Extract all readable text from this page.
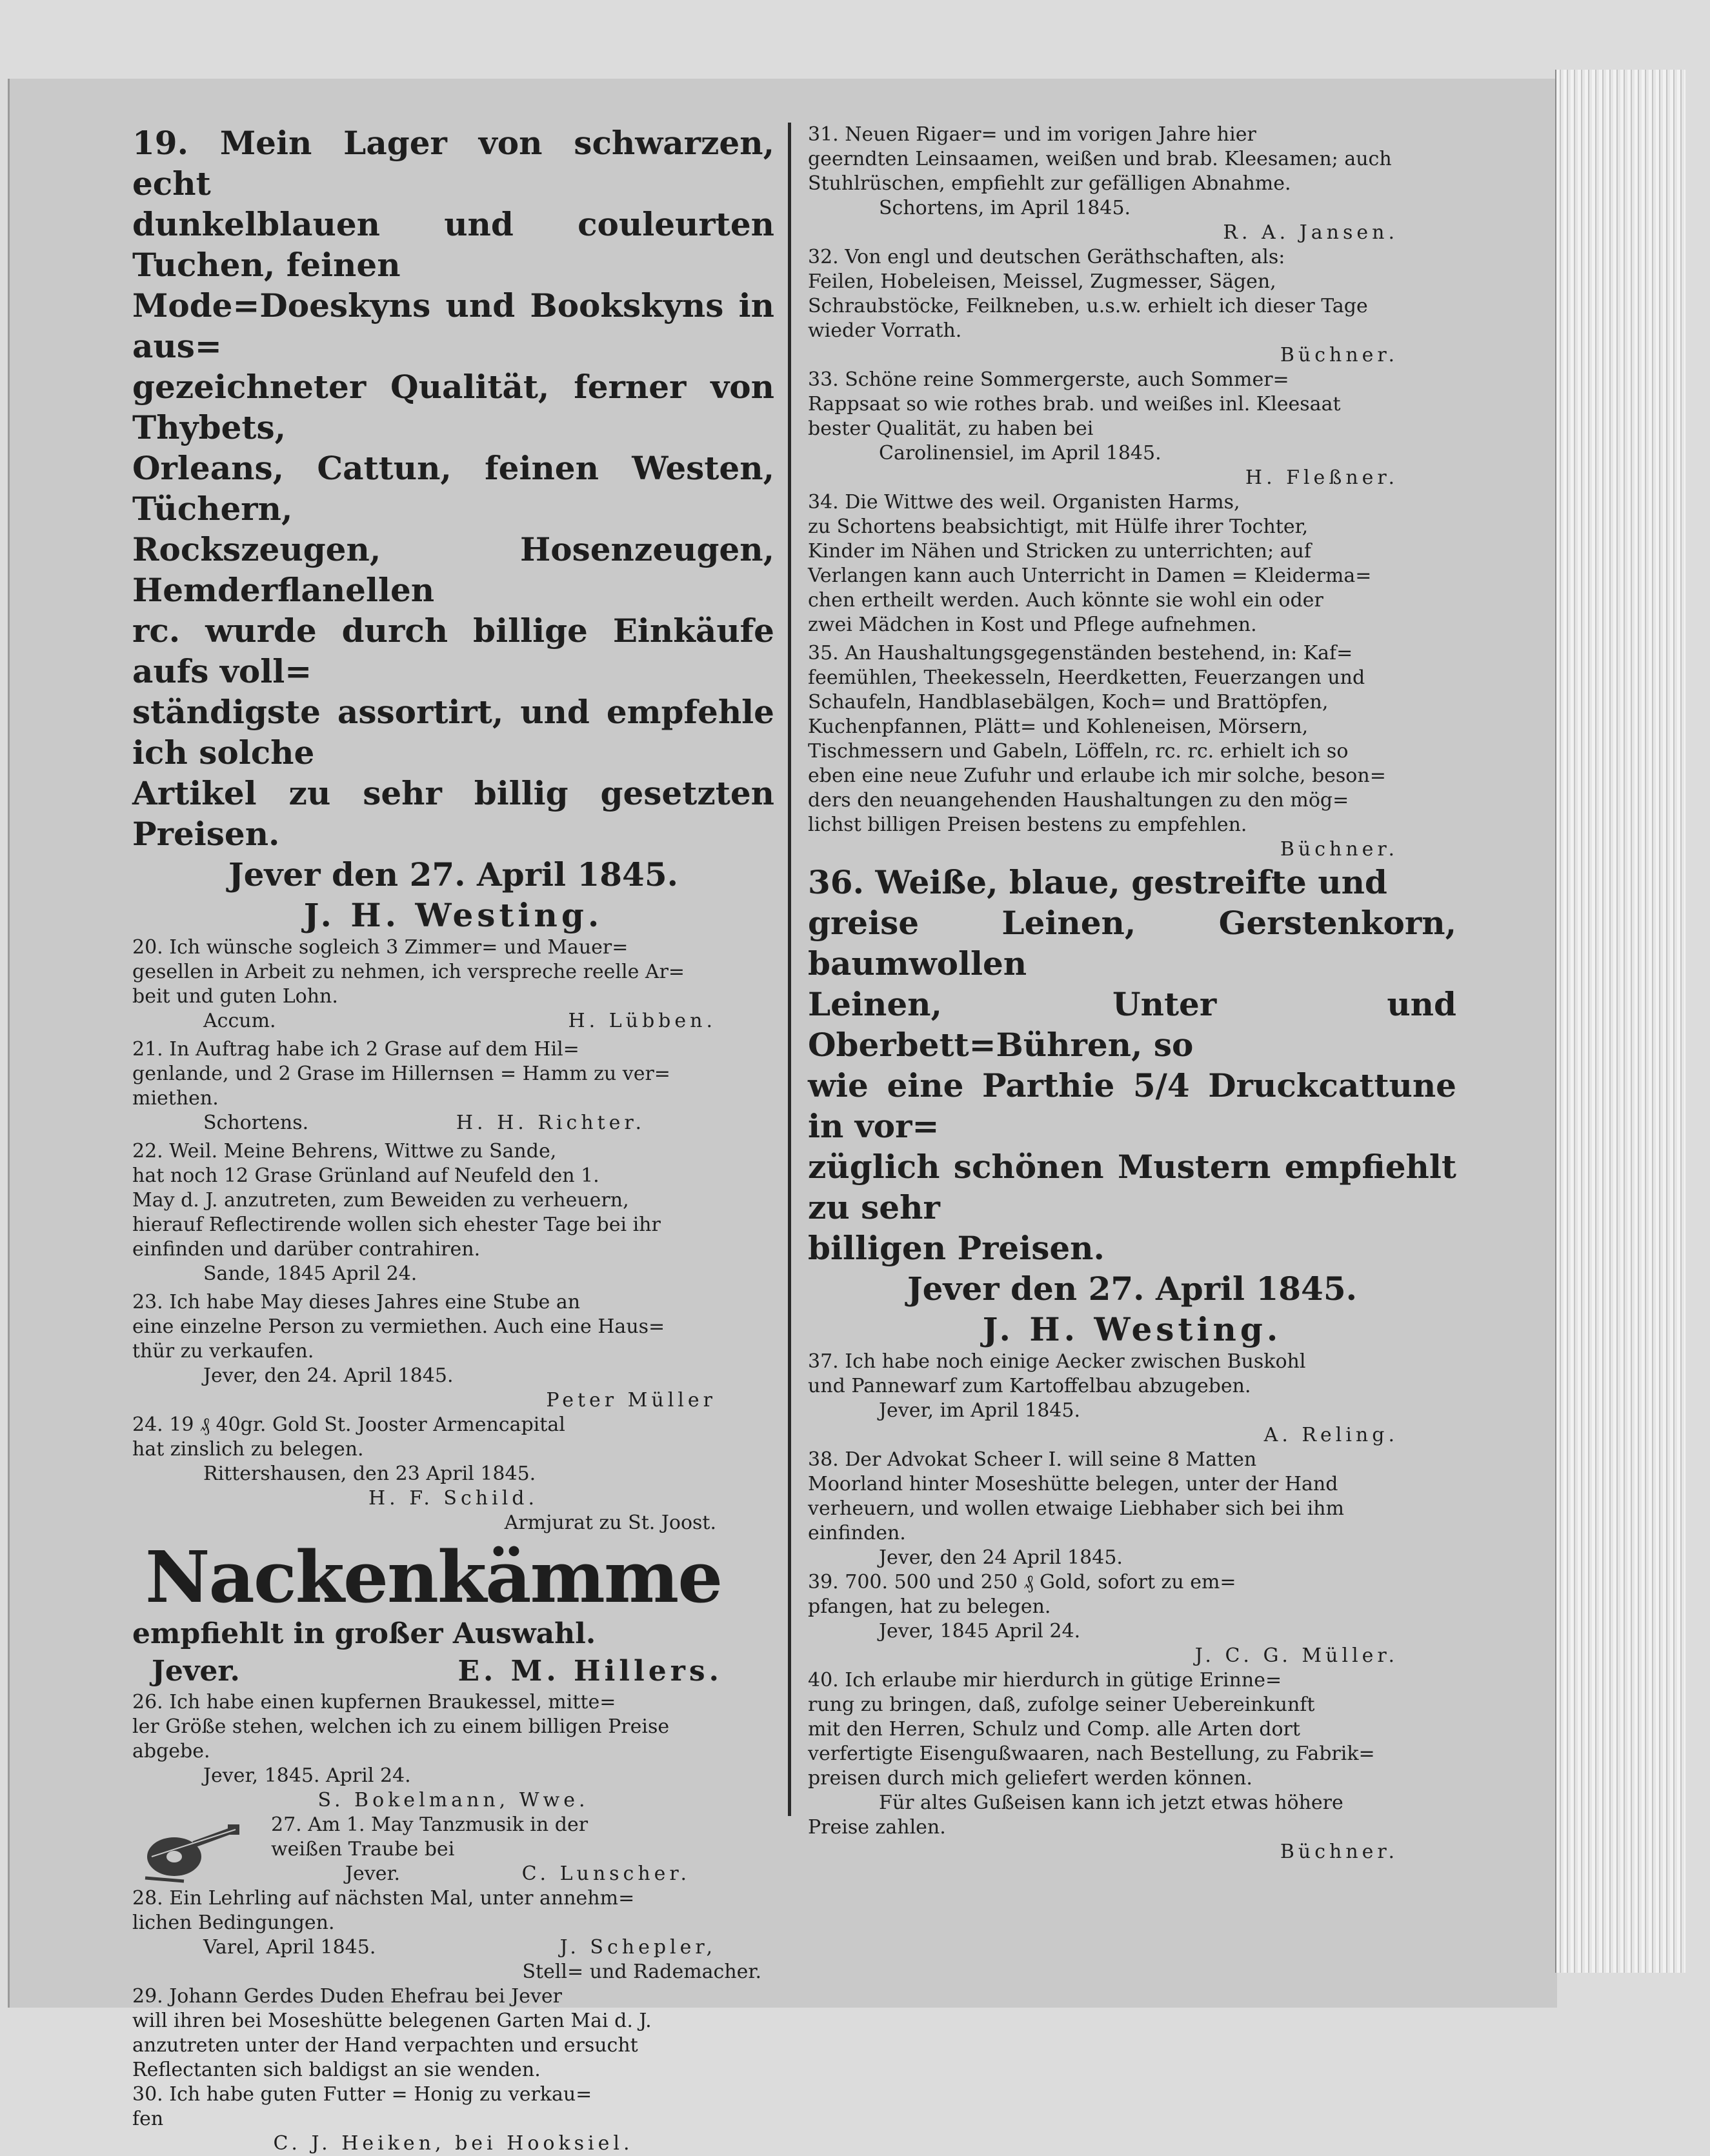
19. Mein Lager von schwarzen, echt

dunkelblauen und couleurten Tuchen, feinen

Mode=Doeskyns und Bookskyns in aus=

gezeichneter Qualität, ferner von Thybets,

Orleans, Cattun, feinen Westen, Tüchern,

Rockszeugen, Hosenzeugen, Hemderflanellen

rc. wurde durch billige Einkäufe aufs voll=

ständigste assortirt, und empfehle ich solche

Artikel zu sehr billig gesetzten Preisen.

Jever den 27. April 1845.

J. H. Westing.

20. Ich wünsche sogleich 3 Zimmer= und Mauer=

gesellen in Arbeit zu nehmen, ich verspreche reelle Ar=

beit und guten Lohn.

Accum.	H. Lübben.

21. In Auftrag habe ich 2 Grase auf dem Hil=

genlande, und 2 Grase im Hillernsen = Hamm zu ver=

miethen.

Schortens.	H. H. Richter.

22. Weil. Meine Behrens, Wittwe zu Sande,

hat noch 12 Grase Grünland auf Neufeld den 1.

May d. J. anzutreten, zum Beweiden zu verheuern,

hierauf Reflectirende wollen sich ehester Tage bei ihr

einfinden und darüber contrahiren.

Sande, 1845 April 24.

23. Ich habe May dieses Jahres eine Stube an

eine einzelne Person zu vermiethen. Auch eine Haus=

thür zu verkaufen.

Jever, den 24. April 1845.

Peter Müller

24. 19 ₰ 40gr. Gold St. Jooster Armencapital

hat zinslich zu belegen.

Rittershausen, den 23 April 1845.

H. F. Schild.

Armjurat zu St. Joost.

Nackenkämme

empfiehlt in großer Auswahl.

Jever.	E. M. Hillers.

26. Ich habe einen kupfernen Braukessel, mitte=

ler Größe stehen, welchen ich zu einem billigen Preise

abgebe.

Jever, 1845. April 24.

S. Bokelmann, Wwe.

27. Am 1. May Tanzmusik in der

weißen Traube bei

Jever.	C. Lunscher.

28. Ein Lehrling auf nächsten Mal, unter annehm=

lichen Bedingungen.

Varel, April 1845.	J. Schepler,

Stell= und Rademacher.

29. Johann Gerdes Duden Ehefrau bei Jever

will ihren bei Moseshütte belegenen Garten Mai d. J.

anzutreten unter der Hand verpachten und ersucht

Reflectanten sich baldigst an sie wenden.

30. Ich habe guten Futter = Honig zu verkau=

fen

C. J. Heiken, bei Hooksiel.

31. Neuen Rigaer= und im vorigen Jahre hier

geerndten Leinsaamen, weißen und brab. Kleesamen; auch

Stuhlrüschen, empfiehlt zur gefälligen Abnahme.

Schortens, im April 1845.

R. A. Jansen.

32. Von engl und deutschen Geräthschaften, als:

Feilen, Hobeleisen, Meissel, Zugmesser, Sägen,

Schraubstöcke, Feilkneben, u.s.w. erhielt ich dieser Tage

wieder Vorrath.

Büchner.

33. Schöne reine Sommergerste, auch Sommer=

Rappsaat so wie rothes brab. und weißes inl. Kleesaat

bester Qualität, zu haben bei

Carolinensiel, im April 1845.

H. Fleßner.

34. Die Wittwe des weil. Organisten Harms,

zu Schortens beabsichtigt, mit Hülfe ihrer Tochter,

Kinder im Nähen und Stricken zu unterrichten; auf

Verlangen kann auch Unterricht in Damen = Kleiderma=

chen ertheilt werden. Auch könnte sie wohl ein oder

zwei Mädchen in Kost und Pflege aufnehmen.

35. An Haushaltungsgegenständen bestehend, in: Kaf=

feemühlen, Theekesseln, Heerdketten, Feuerzangen und

Schaufeln, Handblasebälgen, Koch= und Brattöpfen,

Kuchenpfannen, Plätt= und Kohleneisen, Mörsern,

Tischmessern und Gabeln, Löffeln, rc. rc. erhielt ich so

eben eine neue Zufuhr und erlaube ich mir solche, beson=

ders den neuangehenden Haushaltungen zu den mög=

lichst billigen Preisen bestens zu empfehlen.

Büchner.

36. Weiße, blaue, gestreifte und

greise Leinen, Gerstenkorn, baumwollen

Leinen, Unter und Oberbett=Bühren, so

wie eine Parthie 5/4 Druckcattune in vor=

züglich schönen Mustern empfiehlt zu sehr

billigen Preisen.

Jever den 27. April 1845.

J. H. Westing.

37. Ich habe noch einige Aecker zwischen Buskohl

und Pannewarf zum Kartoffelbau abzugeben.

Jever, im April 1845.

A. Reling.

38. Der Advokat Scheer I. will seine 8 Matten

Moorland hinter Moseshütte belegen, unter der Hand

verheuern, und wollen etwaige Liebhaber sich bei ihm

einfinden.

Jever, den 24 April 1845.

39. 700. 500 und 250 ₰ Gold, sofort zu em=

pfangen, hat zu belegen.

Jever, 1845 April 24.

J. C. G. Müller.

40. Ich erlaube mir hierdurch in gütige Erinne=

rung zu bringen, daß, zufolge seiner Uebereinkunft

mit den Herren, Schulz und Comp. alle Arten dort

verfertigte Eisengußwaaren, nach Bestellung, zu Fabrik=

preisen durch mich geliefert werden können.

Für altes Gußeisen kann ich jetzt etwas höhere

Preise zahlen.

Büchner.
